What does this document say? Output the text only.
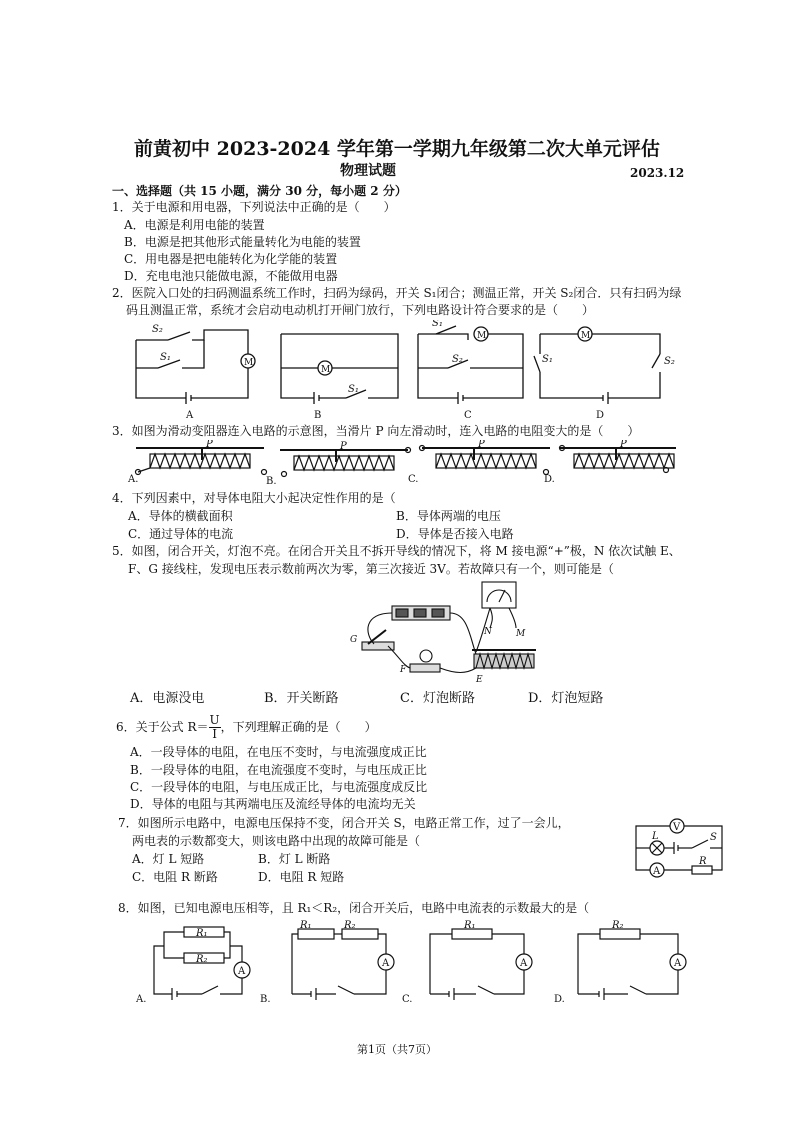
前黄初中 2023-2024 学年第一学期九年级第二次大单元评估
物理试题	2023.12
一、选择题（共 15 小题，满分 30 分，每小题 2 分）
1．关于电源和用电器，下列说法中正确的是（　　）
A．电源是利用电能的装置
B．电源是把其他形式能量转化为电能的装置
C．用电器是把电能转化为化学能的装置
D．充电电池只能做电源，不能做用电器
2．医院入口处的扫码测温系统工作时，扫码为绿码，开关 S₁闭合；测温正常，开关 S₂闭合．只有扫码为绿
码且测温正常，系统才会启动电动机打开闸门放行，下列电路设计符合要求的是（　　）
S₂
S₁	M
A
M
S₁
B
S₁
S₂
M
C
S₁	S₂
M
D
3．如图为滑动变阻器连入电路的示意图，当滑片 P 向左滑动时，连入电路的电阻变大的是（　　）
P
A.
P
B.
P
C.
P
D.
4．下列因素中，对导体电阻大小起决定性作用的是（
A．导体的横截面积	B．导体两端的电压
C．通过导体的电流	D．导体是否接入电路
5．如图，闭合开关，灯泡不亮。在闭合开关且不拆开导线的情况下，将 M 接电源“+”极，N 依次试触 E、
F、G 接线柱，发现电压表示数前两次为零，第三次接近 3V。若故障只有一个，则可能是（
G
F
E
N	M
A．电源没电	B．开关断路	C．灯泡断路	D．灯泡短路
6．关于公式 $R= \frac{U}{I}$ ，下列理解正确的是（　　）
A．一段导体的电阻，在电压不变时，与电流强度成正比
B．一段导体的电阻，在电流强度不变时，与电压成正比
C．一段导体的电阻，与电压成正比，与电流强度成反比
D．导体的电阻与其两端电压及流经导体的电流均无关
7．如图所示电路中，电源电压保持不变，闭合开关 S，电路正常工作，过了一会儿，
两电表的示数都变大，则该电路中出现的故障可能是（
A．灯 L 短路	B．灯 L 断路
C．电阻 R 断路	D．电阻 R 短路
V
A
L	S
R
8．如图，已知电源电压相等，且 R₁＜R₂，闭合开关后，电路中电流表的示数最大的是（
R₁
R₂
A
A.
R₁	R₂
A
B.
R₁
A
C.
R₂
A
D.
第1页（共7页）
